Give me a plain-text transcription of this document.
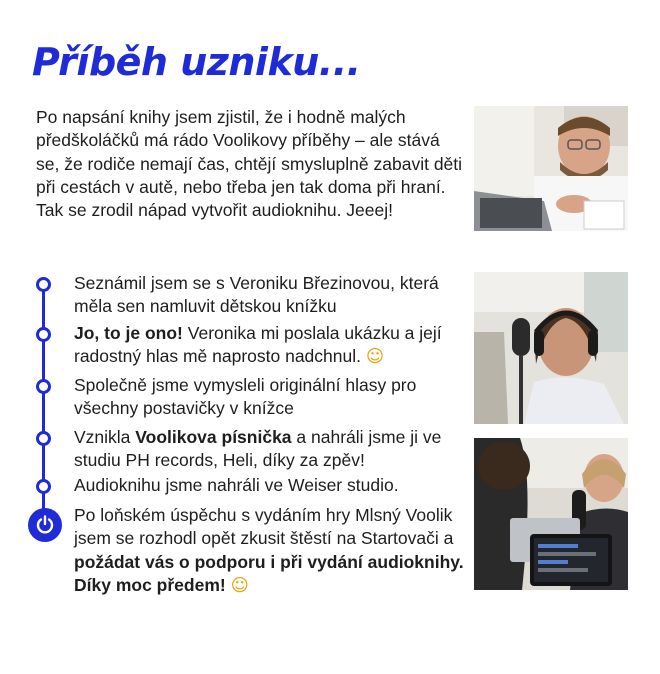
Příběh uzniku...

Po napsání knihy jsem zjistil, že i hodně malých předškoláčků má rádo Voolikovy příběhy – ale stává se, že rodiče nemají čas, chtějí smysluplně zabavit děti při cestách v autě, nebo třeba jen tak doma při hraní. Tak se zrodil nápad vytvořit audioknihu. Jeeej!

Seznámil jsem se s Veroniku Březinovou, která měla sen namluvit dětskou knížku
Jo, to je ono! Veronika mi poslala ukázku a její radostný hlas mě naprosto nadchnul. ☺
Společně jsme vymysleli originální hlasy pro všechny postavičky v knížce
Vznikla Voolikova písnička a nahráli jsme ji ve studiu PH records, Heli, díky za zpěv!
Audioknihu jsme nahráli ve Weiser studio.
Po loňském úspěchu s vydáním hry Mlsný Voolik jsem se rozhodl opět zkusit štěstí na Startovači a požádat vás o podporu i při vydání audioknihy. Díky moc předem! ☺
